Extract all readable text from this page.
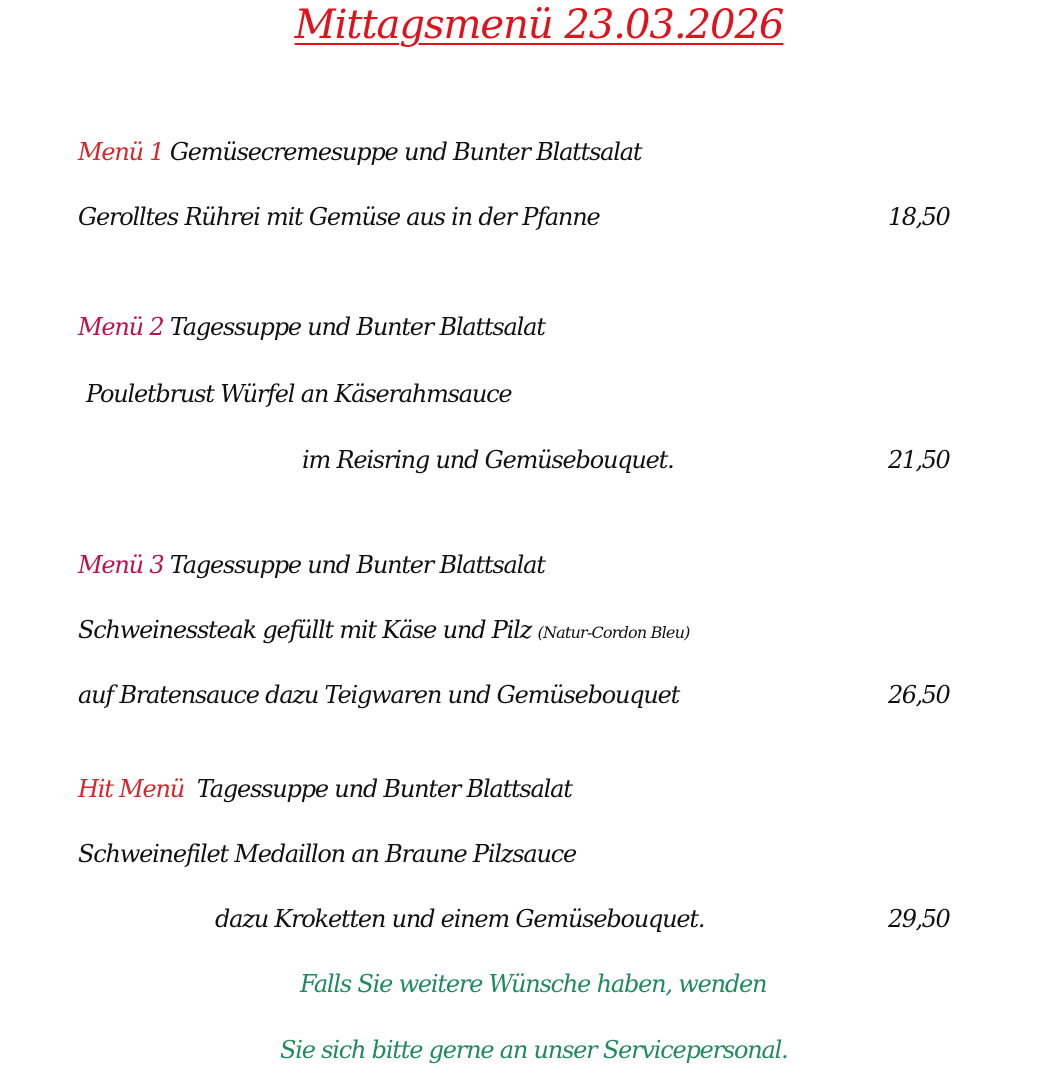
Mittagsmenü 23.03.2026
Menü 1 Gemüsecremesuppe und Bunter Blattsalat
Gerolltes Rührei mit Gemüse aus in der Pfanne	18,50
Menü 2 Tagessuppe und Bunter Blattsalat
Pouletbrust Würfel an Käserahmsauce
im Reisring und Gemüsebouquet.	21,50
Menü 3 Tagessuppe und Bunter Blattsalat
Schweinessteak gefüllt mit Käse und Pilz (Natur-Cordon Bleu)
auf Bratensauce dazu Teigwaren und Gemüsebouquet	26,50
Hit Menü Tagessuppe und Bunter Blattsalat
Schweinefilet Medaillon an Braune Pilzsauce
dazu Kroketten und einem Gemüsebouquet.	29,50
Falls Sie weitere Wünsche haben, wenden
Sie sich bitte gerne an unser Servicepersonal.
